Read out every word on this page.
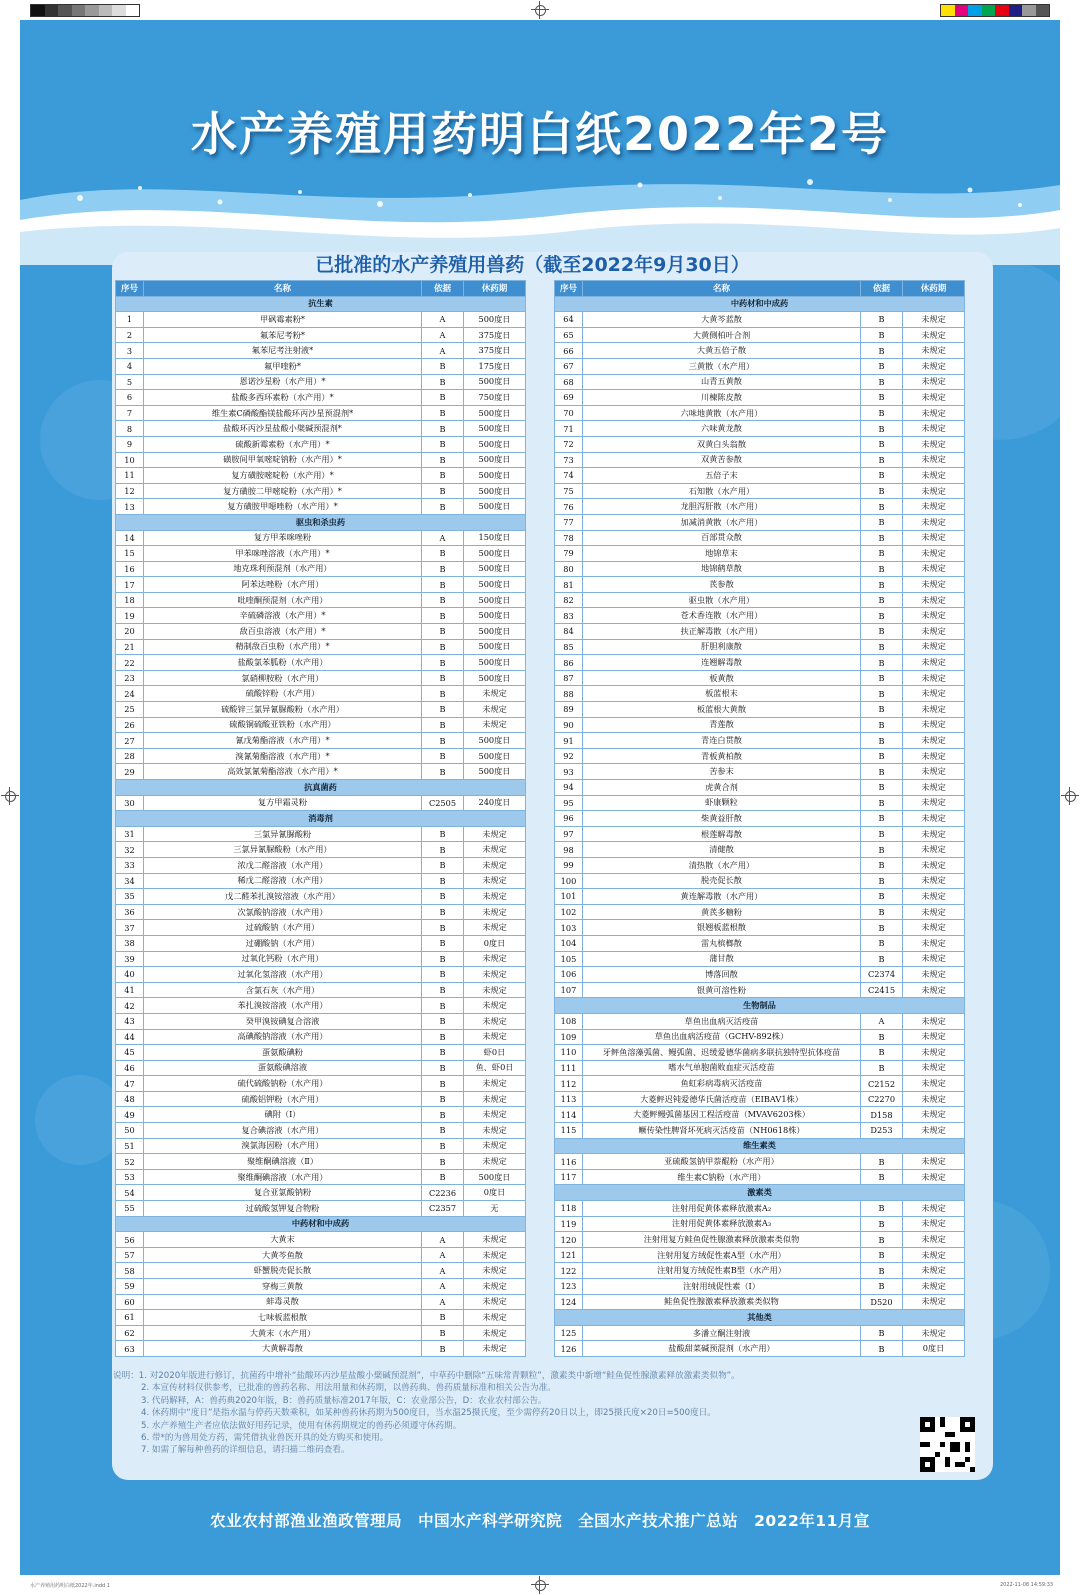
水产养殖用药明白纸2022年2号
农业农村部渔业渔政管理局　中国水产科学研究院　全国水产技术推广总站　2022年11月宣
已批准的水产养殖用兽药（截至2022年9月30日）
序号	名称	依据	休药期
抗生素			
1	甲砜霉素粉*	A	500度日
2	氟苯尼考粉*	A	375度日
3	氟苯尼考注射液*	A	375度日
4	氟甲喹粉*	B	175度日
5	恩诺沙星粉（水产用）*	B	500度日
6	盐酸多西环素粉（水产用）*	B	750度日
7	维生素C磷酸酯镁盐酸环丙沙星预混剂*	B	500度日
8	盐酸环丙沙星盐酸小檗碱预混剂*	B	500度日
9	硫酸新霉素粉（水产用）*	B	500度日
10	磺胺间甲氧嘧啶钠粉（水产用）*	B	500度日
11	复方磺胺嘧啶粉（水产用）*	B	500度日
12	复方磺胺二甲嘧啶粉（水产用）*	B	500度日
13	复方磺胺甲噁唑粉（水产用）*	B	500度日
驱虫和杀虫药			
14	复方甲苯咪唑粉	A	150度日
15	甲苯咪唑溶液（水产用）*	B	500度日
16	地克珠利预混剂（水产用）	B	500度日
17	阿苯达唑粉（水产用）	B	500度日
18	吡喹酮预混剂（水产用）	B	500度日
19	辛硫磷溶液（水产用）*	B	500度日
20	敌百虫溶液（水产用）*	B	500度日
21	精制敌百虫粉（水产用）*	B	500度日
22	盐酸氯苯胍粉（水产用）	B	500度日
23	氯硝柳胺粉（水产用）	B	500度日
24	硫酸锌粉（水产用）	B	未规定
25	硫酸锌三氯异氰脲酸粉（水产用）	B	未规定
26	硫酸铜硫酸亚铁粉（水产用）	B	未规定
27	氰戊菊酯溶液（水产用）*	B	500度日
28	溴氰菊酯溶液（水产用）*	B	500度日
29	高效氯氰菊酯溶液（水产用）*	B	500度日
抗真菌药			
30	复方甲霜灵粉	C2505	240度日
消毒剂			
31	三氯异氰脲酸粉	B	未规定
32	三氯异氰脲酸粉（水产用）	B	未规定
33	浓戊二醛溶液（水产用）	B	未规定
34	稀戊二醛溶液（水产用）	B	未规定
35	戊二醛苯扎溴铵溶液（水产用）	B	未规定
36	次氯酸钠溶液（水产用）	B	未规定
37	过硫酸钠（水产用）	B	未规定
38	过硼酸钠（水产用）	B	0度日
39	过氧化钙粉（水产用）	B	未规定
40	过氧化氢溶液（水产用）	B	未规定
41	含氯石灰（水产用）	B	未规定
42	苯扎溴铵溶液（水产用）	B	未规定
43	癸甲溴铵碘复合溶液	B	未规定
44	高碘酸钠溶液（水产用）	B	未规定
45	蛋氨酸碘粉	B	虾0日
46	蛋氨酸碘溶液	B	鱼、虾0日
47	硫代硫酸钠粉（水产用）	B	未规定
48	硫酸铝钾粉（水产用）	B	未规定
49	碘附（Ⅰ）	B	未规定
50	复合碘溶液（水产用）	B	未规定
51	溴氯海因粉（水产用）	B	未规定
52	聚维酮碘溶液（Ⅱ）	B	未规定
53	聚维酮碘溶液（水产用）	B	500度日
54	复合亚氯酸钠粉	C2236	0度日
55	过硫酸氢钾复合物粉	C2357	无
中药材和中成药			
56	大黄末	A	未规定
57	大黄芩鱼散	A	未规定
58	虾蟹脱壳促长散	A	未规定
59	穿梅三黄散	A	未规定
60	蚌毒灵散	A	未规定
61	七味板蓝根散	B	未规定
62	大黄末（水产用）	B	未规定
63	大黄解毒散	B	未规定
序号	名称	依据	休药期
中药材和中成药			
64	大黄芩蓝散	B	未规定
65	大黄侧柏叶合剂	B	未规定
66	大黄五倍子散	B	未规定
67	三黄散（水产用）	B	未规定
68	山青五黄散	B	未规定
69	川楝陈皮散	B	未规定
70	六味地黄散（水产用）	B	未规定
71	六味黄龙散	B	未规定
72	双黄白头翁散	B	未规定
73	双黄苦参散	B	未规定
74	五倍子末	B	未规定
75	石知散（水产用）	B	未规定
76	龙胆泻肝散（水产用）	B	未规定
77	加减消黄散（水产用）	B	未规定
78	百部贯众散	B	未规定
79	地锦草末	B	未规定
80	地锦鹤草散	B	未规定
81	芪参散	B	未规定
82	驱虫散（水产用）	B	未规定
83	苍术香连散（水产用）	B	未规定
84	扶正解毒散（水产用）	B	未规定
85	肝胆利康散	B	未规定
86	连翘解毒散	B	未规定
87	板黄散	B	未规定
88	板蓝根末	B	未规定
89	板蓝根大黄散	B	未规定
90	青莲散	B	未规定
91	青连白贯散	B	未规定
92	青板黄柏散	B	未规定
93	苦参末	B	未规定
94	虎黄合剂	B	未规定
95	虾康颗粒	B	未规定
96	柴黄益肝散	B	未规定
97	根莲解毒散	B	未规定
98	清健散	B	未规定
99	清热散（水产用）	B	未规定
100	脱壳促长散	B	未规定
101	黄连解毒散（水产用）	B	未规定
102	黄芪多糖粉	B	未规定
103	银翘板蓝根散	B	未规定
104	雷丸槟榔散	B	未规定
105	蒲甘散	B	未规定
106	博落回散	C2374	未规定
107	银黄可溶性粉	C2415	未规定
生物制品			
108	草鱼出血病灭活疫苗	A	未规定
109	草鱼出血病活疫苗（GCHV-892株）	B	未规定
110	牙鲆鱼溶藻弧菌、鳗弧菌、迟缓爱德华菌病多联抗独特型抗体疫苗	B	未规定
111	嗜水气单胞菌败血症灭活疫苗	B	未规定
112	鱼虹彩病毒病灭活疫苗	C2152	未规定
113	大菱鲆迟钝爱德华氏菌活疫苗（EIBAV1株）	C2270	未规定
114	大菱鲆鳗弧菌基因工程活疫苗（MVAV6203株）	D158	未规定
115	鳜传染性脾肾坏死病灭活疫苗（NH0618株）	D253	未规定
维生素类			
116	亚硫酸氢钠甲萘醌粉（水产用）	B	未规定
117	维生素C钠粉（水产用）	B	未规定
激素类			
118	注射用促黄体素释放激素A₂	B	未规定
119	注射用促黄体素释放激素A₃	B	未规定
120	注射用复方鲑鱼促性腺激素释放激素类似物	B	未规定
121	注射用复方绒促性素A型（水产用）	B	未规定
122	注射用复方绒促性素B型（水产用）	B	未规定
123	注射用绒促性素（Ⅰ）	B	未规定
124	鲑鱼促性腺激素释放激素类似物	D520	未规定
其他类			
125	多潘立酮注射液	B	未规定
126	盐酸甜菜碱预混剂（水产用）	B	0度日
说明：1. 对2020年版进行修订，抗菌药中增补“盐酸环丙沙星盐酸小檗碱预混剂”，中草药中删除“五味常青颗粒”，激素类中新增“鲑鱼促性腺激素释放激素类似物”。
2. 本宣传材料仅供参考，已批准的兽药名称、用法用量和休药期，以兽药典、兽药质量标准和相关公告为准。
3. 代码解释，A：兽药典2020年版，B：兽药质量标准2017年版，C：农业部公告，D：农业农村部公告。
4. 休药期中“度日”是指水温与停药天数乘积，如某种兽药休药期为500度日，当水温25摄氏度，至少需停药20日以上，即25摄氏度×20日=500度日。
5. 水产养殖生产者应依法做好用药记录，使用有休药期规定的兽药必须遵守休药期。
6. 带*的为兽用处方药，需凭借执业兽医开具的处方购买和使用。
7. 如需了解每种兽药的详细信息，请扫描二维码查看。
水产养殖用药明白纸2022年.indd 1	2022-11-08 14:59:33
